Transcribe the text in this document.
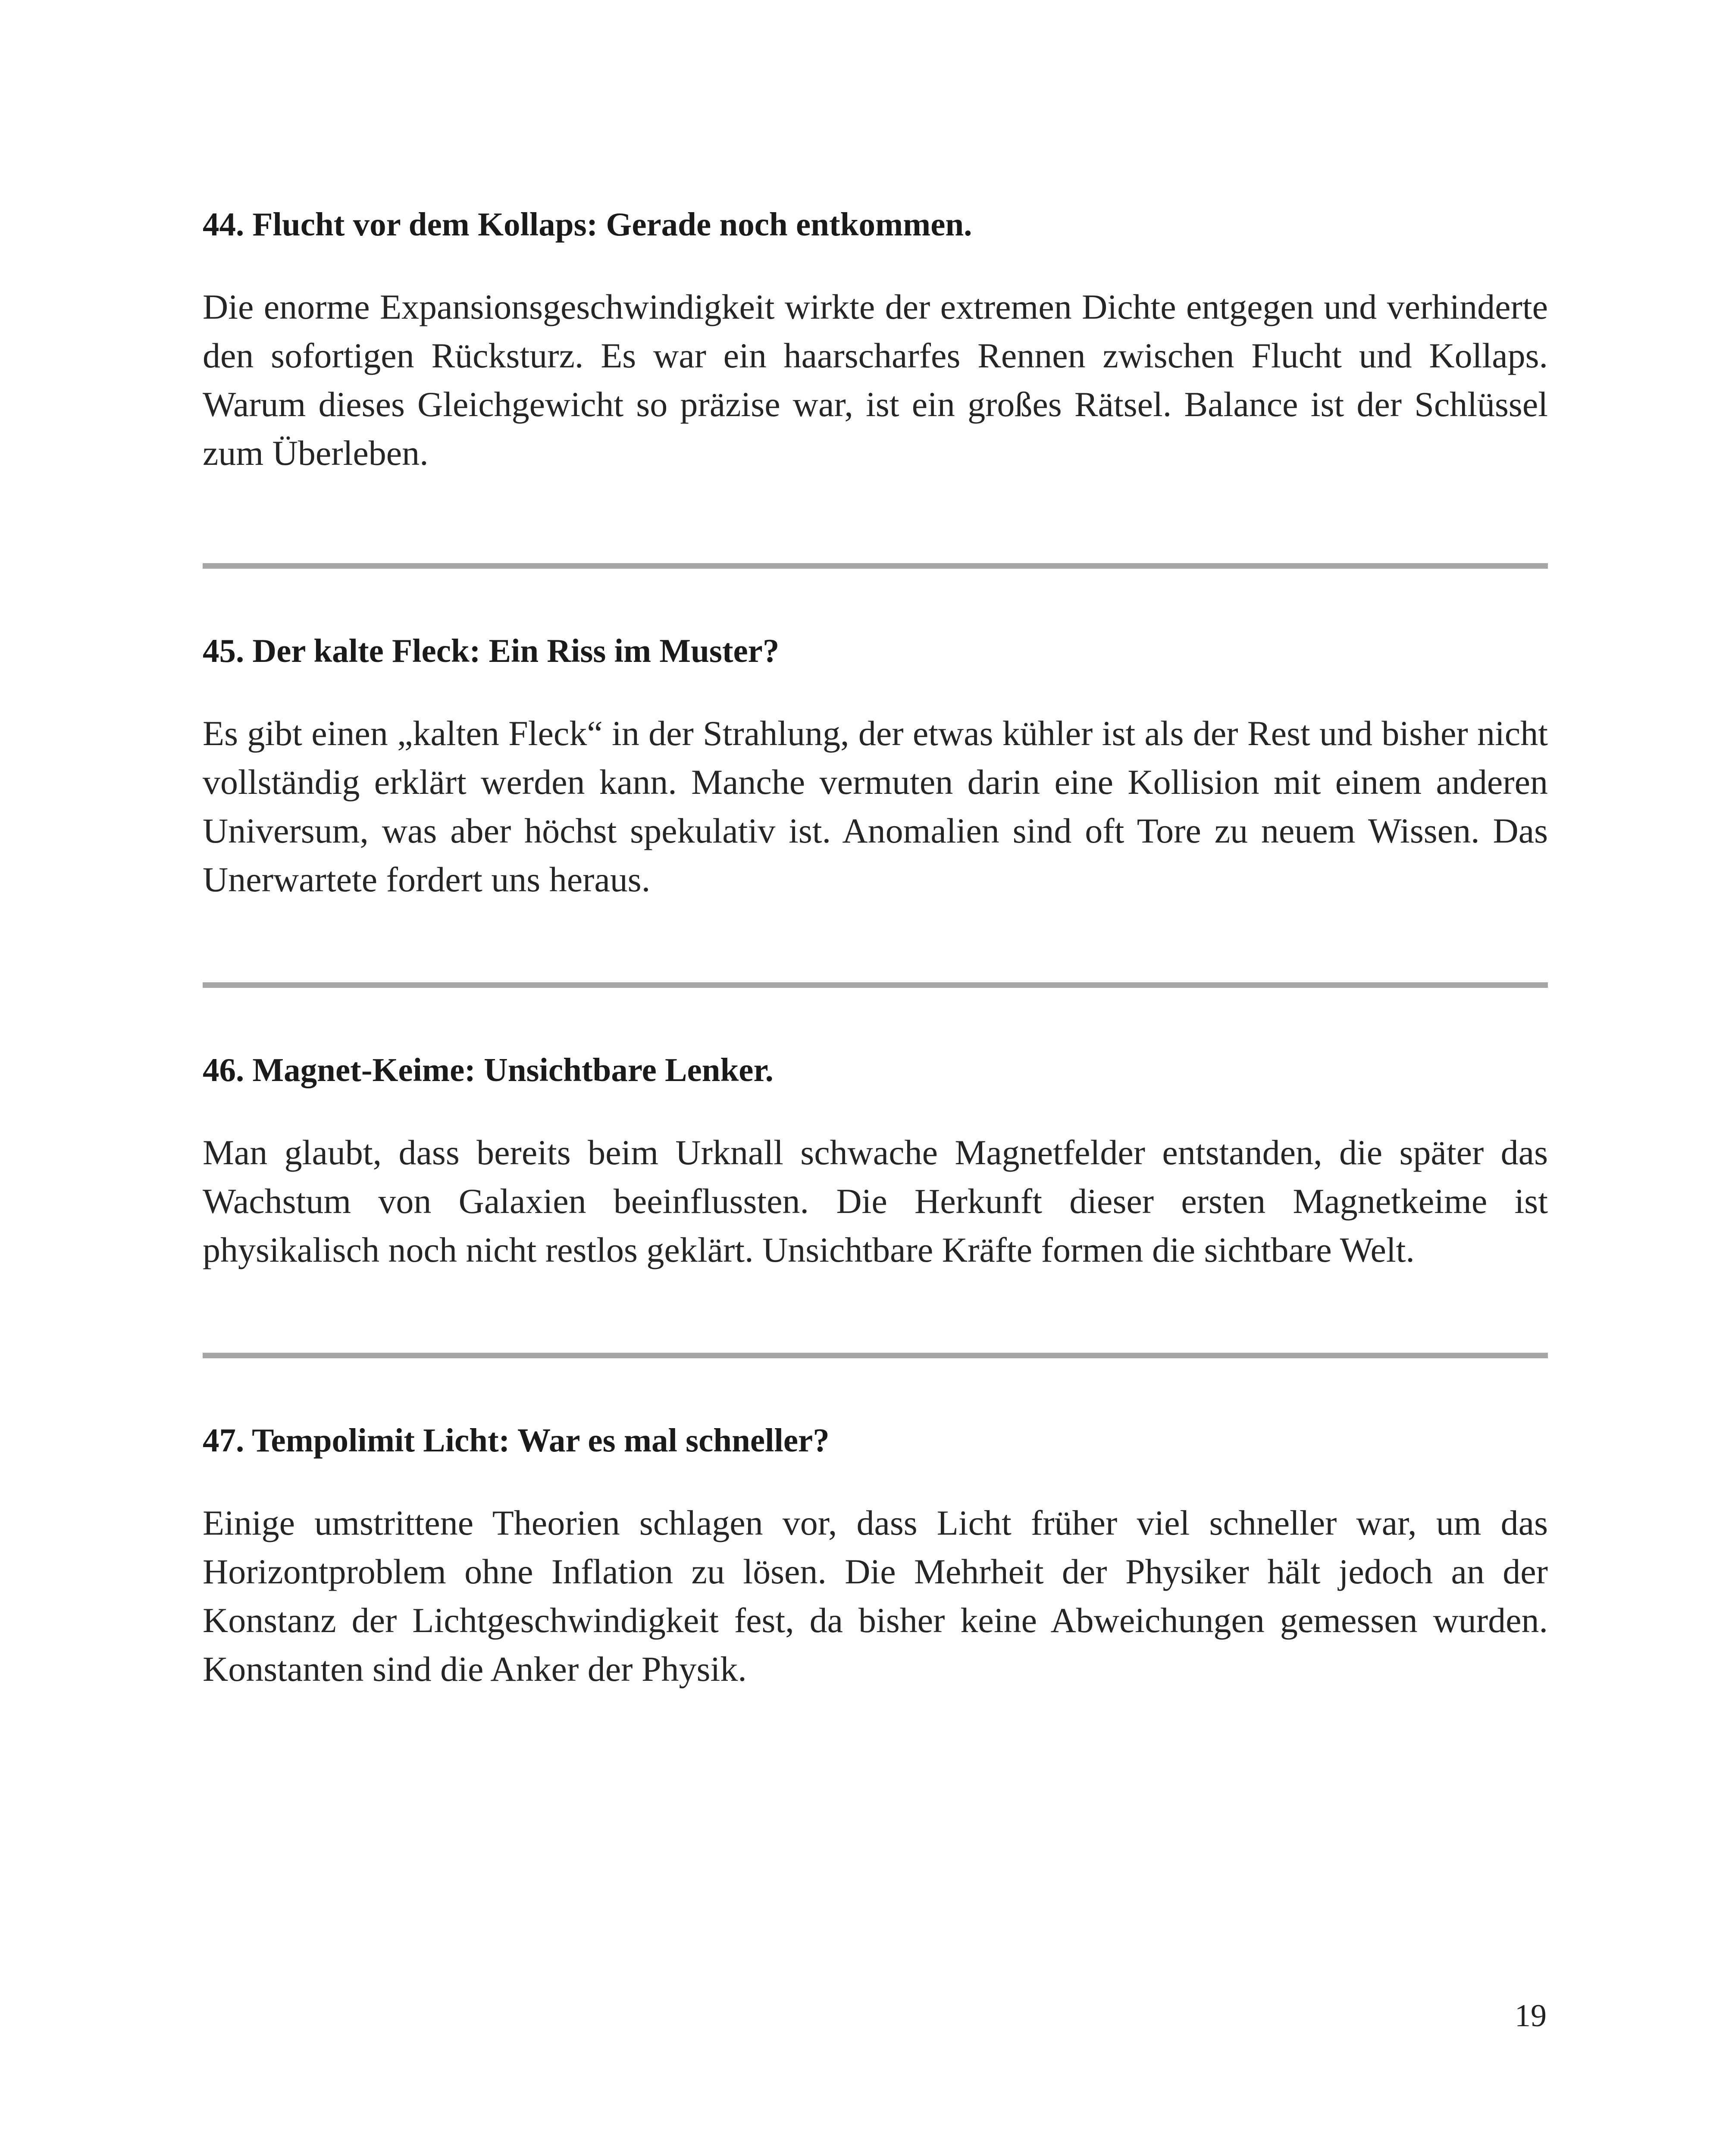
44. Flucht vor dem Kollaps: Gerade noch entkommen.

Die enorme Expansionsgeschwindigkeit wirkte der extremen Dichte entgegen und verhinderte den sofortigen Rücksturz. Es war ein haarscharfes Rennen zwischen Flucht und Kollaps. Warum dieses Gleichgewicht so präzise war, ist ein großes Rätsel. Balance ist der Schlüssel zum Überleben.

45. Der kalte Fleck: Ein Riss im Muster?

Es gibt einen „kalten Fleck“ in der Strahlung, der etwas kühler ist als der Rest und bisher nicht vollständig erklärt werden kann. Manche vermuten darin eine Kollision mit einem anderen Universum, was aber höchst spekulativ ist. Anomalien sind oft Tore zu neuem Wissen. Das Unerwartete fordert uns heraus.

46. Magnet-Keime: Unsichtbare Lenker.

Man glaubt, dass bereits beim Urknall schwache Magnetfelder entstanden, die später das Wachstum von Galaxien beeinflussten. Die Herkunft dieser ersten Magnetkeime ist physikalisch noch nicht restlos geklärt. Unsichtbare Kräfte formen die sichtbare Welt.

47. Tempolimit Licht: War es mal schneller?

Einige umstrittene Theorien schlagen vor, dass Licht früher viel schneller war, um das Horizontproblem ohne Inflation zu lösen. Die Mehrheit der Physiker hält jedoch an der Konstanz der Lichtgeschwindigkeit fest, da bisher keine Abweichungen gemessen wurden. Konstanten sind die Anker der Physik.

19
